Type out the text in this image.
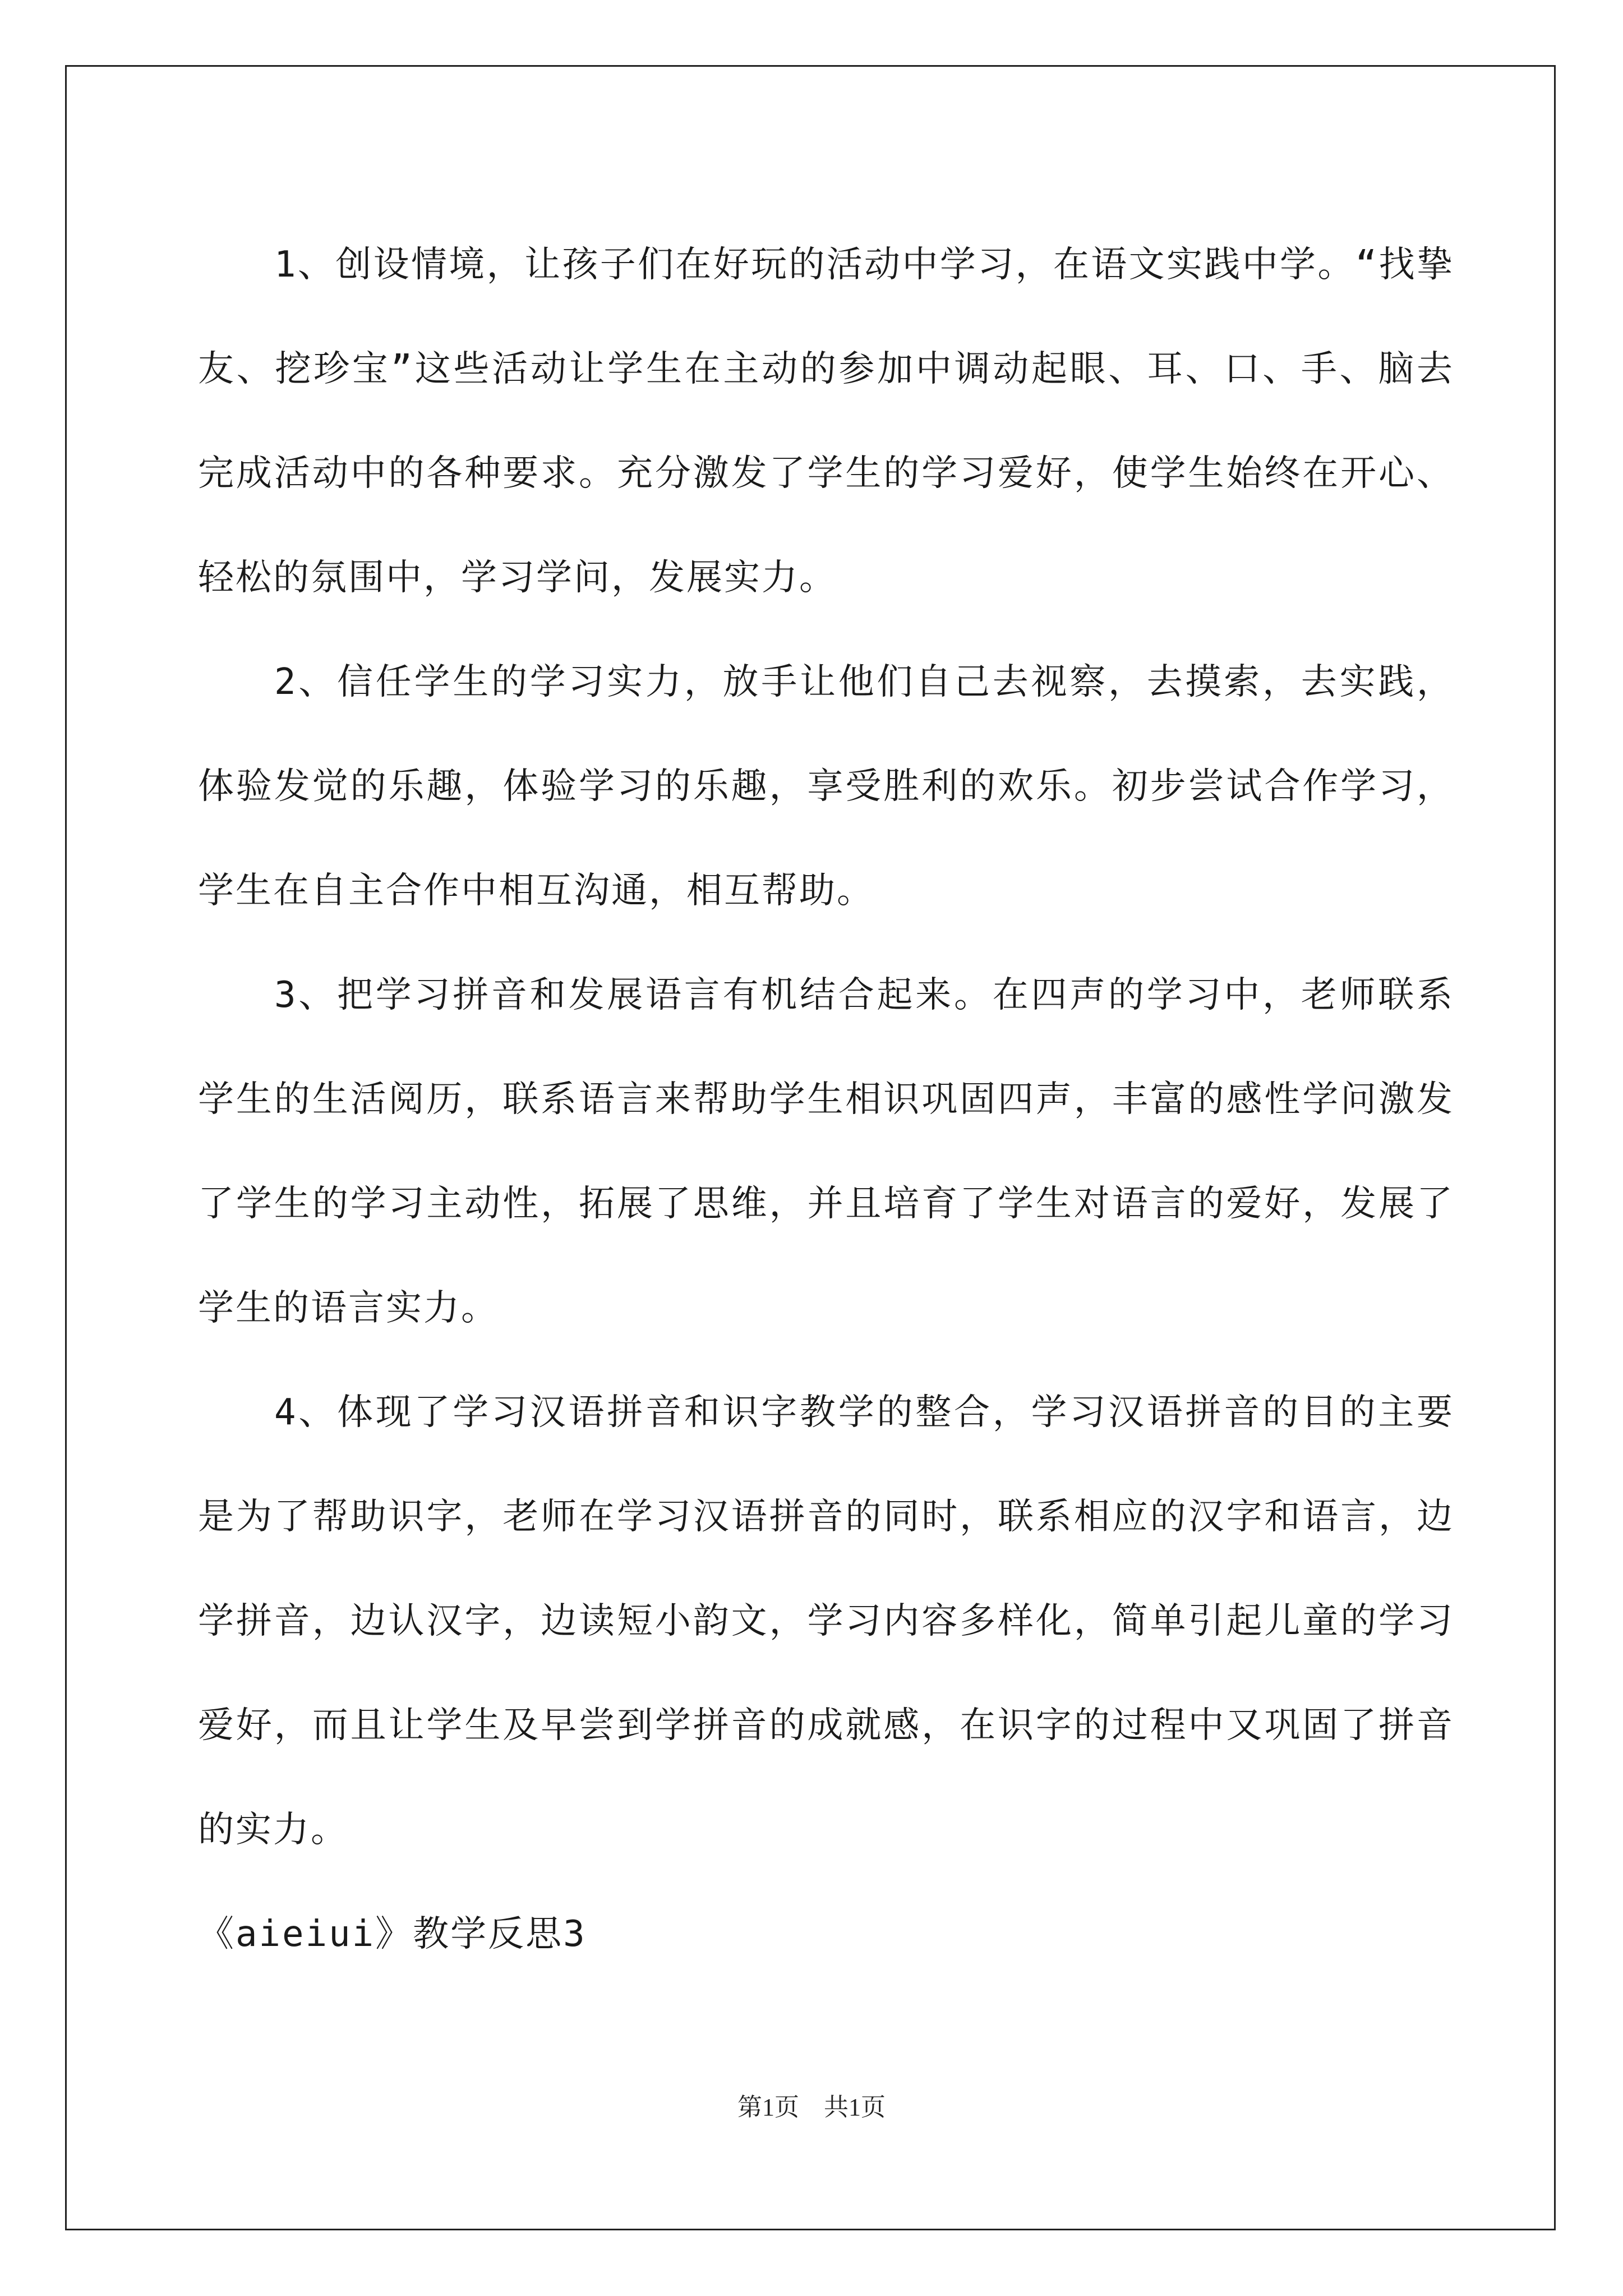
1、创设情境，让孩子们在好玩的活动中学习，在语文实践中学。“找挚友、挖珍宝”这些活动让学生在主动的参加中调动起眼、耳、口、手、脑去完成活动中的各种要求。充分激发了学生的学习爱好，使学生始终在开心、轻松的氛围中，学习学问，发展实力。

2、信任学生的学习实力，放手让他们自己去视察，去摸索，去实践，体验发觉的乐趣，体验学习的乐趣，享受胜利的欢乐。初步尝试合作学习，学生在自主合作中相互沟通，相互帮助。

3、把学习拼音和发展语言有机结合起来。在四声的学习中，老师联系学生的生活阅历，联系语言来帮助学生相识巩固四声，丰富的感性学问激发了学生的学习主动性，拓展了思维，并且培育了学生对语言的爱好，发展了学生的语言实力。

4、体现了学习汉语拼音和识字教学的整合，学习汉语拼音的目的主要是为了帮助识字，老师在学习汉语拼音的同时，联系相应的汉字和语言，边学拼音，边认汉字，边读短小韵文，学习内容多样化，简单引起儿童的学习爱好，而且让学生及早尝到学拼音的成就感，在识字的过程中又巩固了拼音的实力。

《aieiui》教学反思3

第1页 共1页
